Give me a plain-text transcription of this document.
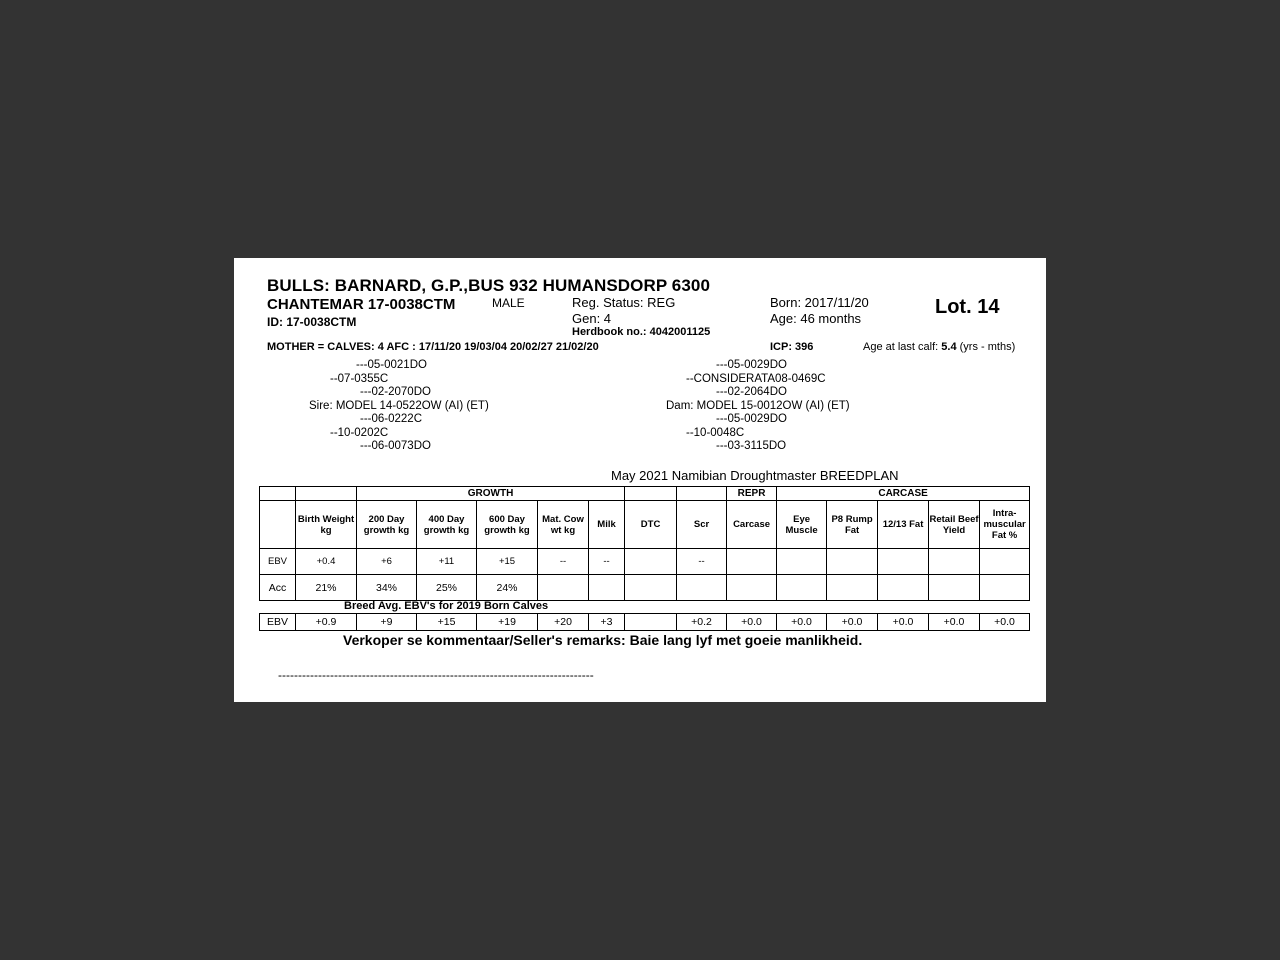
BULLS: BARNARD, G.P.,BUS 932 HUMANSDORP 6300
CHANTEMAR 17-0038CTM	MALE
ID: 17-0038CTM
Reg. Status: REG
Gen: 4
Herdbook no.: 4042001125
Born: 2017/11/20
Age: 46 months
Lot. 14
MOTHER = CALVES: 4 AFC : 17/11/20 19/03/04 20/02/27 21/02/20	ICP: 396	Age at last calf: 5.4 (yrs - mths)
---05-0021DO
--07-0355C
---02-2070DO
Sire: MODEL 14-0522OW (AI) (ET)
---06-0222C
--10-0202C
---06-0073DO
---05-0029DO
--CONSIDERATA08-0469C
---02-2064DO
Dam: MODEL 15-0012OW (AI) (ET)
---05-0029DO
--10-0048C
---03-3115DO
May 2021 Namibian Droughtmaster BREEDPLAN
		GROWTH							REPR	CARCASE				
	Birth Weight kg	200 Day growth kg	400 Day growth kg	600 Day growth kg	Mat. Cow wt kg	Milk	DTC	Scr	Carcase	Eye Muscle	P8 Rump Fat	12/13 Fat	Retail Beef Yield	Intra-muscular Fat %
EBV	+0.4	+6	+11	+15	--	--		--						
Acc	21%	34%	25%	24%										
Breed Avg. EBV's for 2019 Born Calves
EBV	+0.9	+9	+15	+19	+20	+3		+0.2	+0.0	+0.0	+0.0	+0.0	+0.0	+0.0
Verkoper se kommentaar/Seller's remarks: Baie lang lyf met goeie manlikheid.
-------------------------------------------------------------------------------
